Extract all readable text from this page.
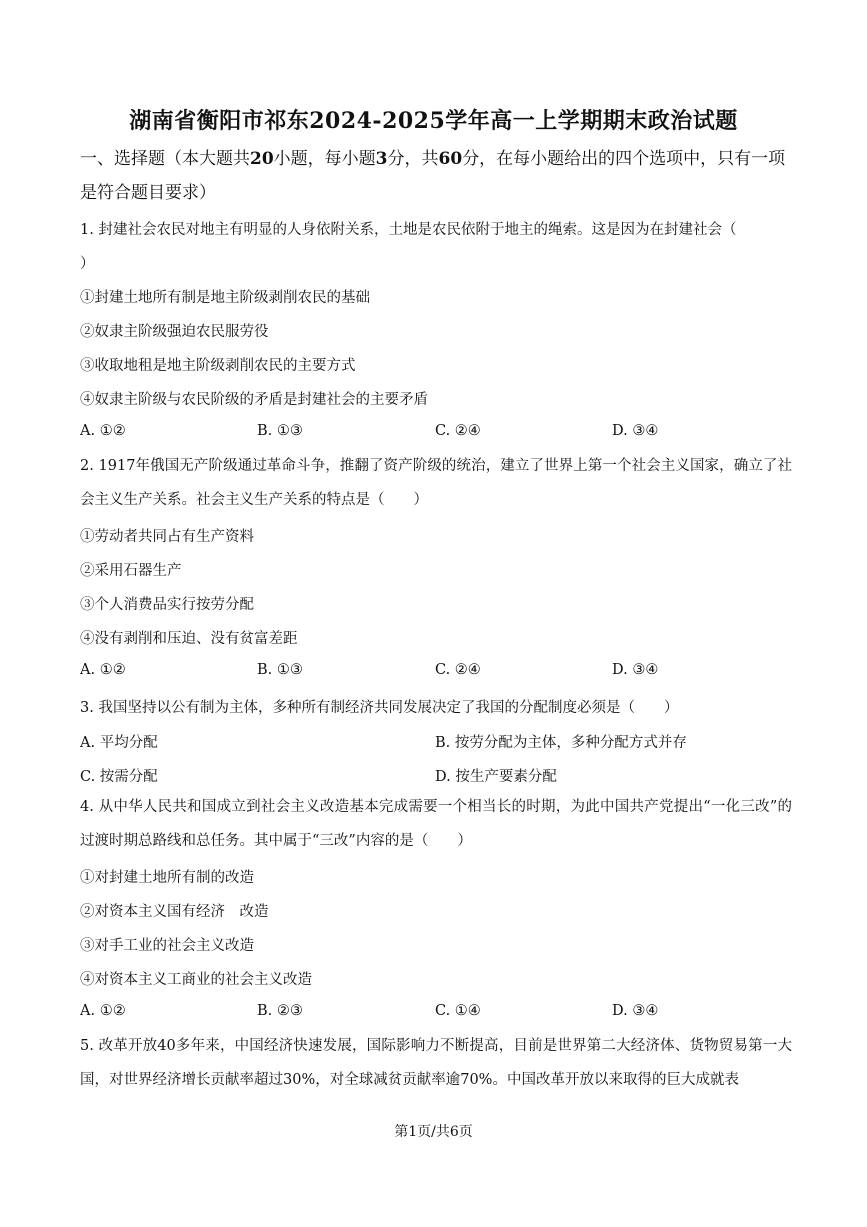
湖南省衡阳市祁东2024-2025学年高一上学期期末政治试题
一、选择题（本大题共20小题，每小题3分，共60分，在每小题给出的四个选项中，只有一项是符合题目要求）
1. 封建社会农民对地主有明显的人身依附关系，土地是农民依附于地主的绳索。这是因为在封建社会（
）
①封建土地所有制是地主阶级剥削农民的基础
②奴隶主阶级强迫农民服劳役
③收取地租是地主阶级剥削农民的主要方式
④奴隶主阶级与农民阶级的矛盾是封建社会的主要矛盾
A. ①②	B. ①③	C. ②④	D. ③④
2. 1917年俄国无产阶级通过革命斗争，推翻了资产阶级的统治，建立了世界上第一个社会主义国家，确立了社会主义生产关系。社会主义生产关系的特点是（　　）
①劳动者共同占有生产资料
②采用石器生产
③个人消费品实行按劳分配
④没有剥削和压迫、没有贫富差距
A. ①②	B. ①③	C. ②④	D. ③④
3. 我国坚持以公有制为主体，多种所有制经济共同发展决定了我国的分配制度必须是（　　）
A. 平均分配	B. 按劳分配为主体，多种分配方式并存
C. 按需分配	D. 按生产要素分配
4. 从中华人民共和国成立到社会主义改造基本完成需要一个相当长的时期，为此中国共产党提出“一化三改”的过渡时期总路线和总任务。其中属于“三改”内容的是（　　）
①对封建土地所有制的改造
②对资本主义国有经济　改造
③对手工业的社会主义改造
④对资本主义工商业的社会主义改造
A. ①②	B. ②③	C. ①④	D. ③④
5. 改革开放40多年来，中国经济快速发展，国际影响力不断提高，目前是世界第二大经济体、货物贸易第一大国，对世界经济增长贡献率超过30%，对全球减贫贡献率逾70%。中国改革开放以来取得的巨大成就表
第1页/共6页
